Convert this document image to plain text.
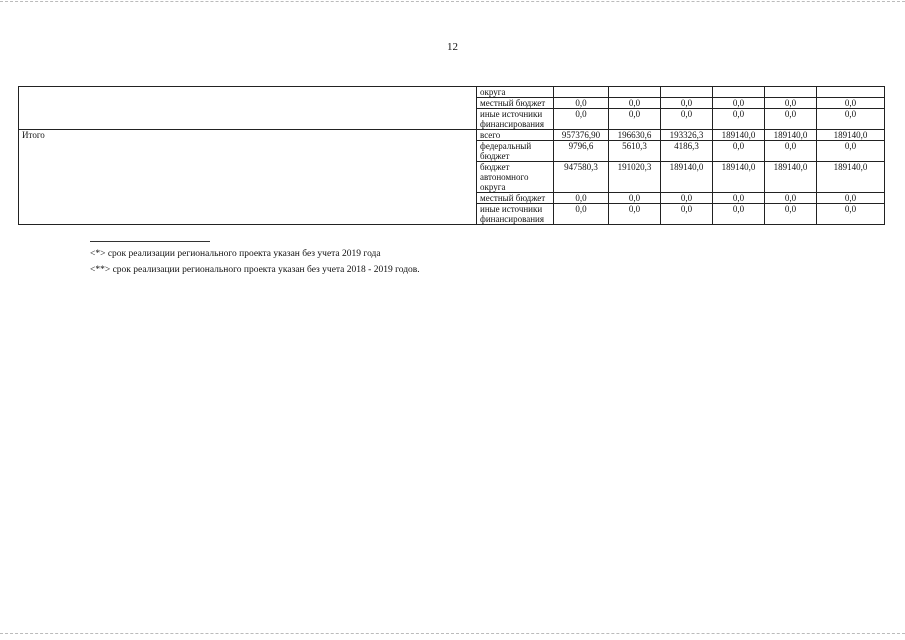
12
	округа						
	местный бюджет	0,0	0,0	0,0	0,0	0,0	0,0
	иные источники финансирования	0,0	0,0	0,0	0,0	0,0	0,0
Итого	всего	957376,90	196630,6	193326,3	189140,0	189140,0	189140,0
	федеральный бюджет	9796,6	5610,3	4186,3	0,0	0,0	0,0
	бюджет автономного округа	947580,3	191020,3	189140,0	189140,0	189140,0	189140,0
	местный бюджет	0,0	0,0	0,0	0,0	0,0	0,0
	иные источники финансирования	0,0	0,0	0,0	0,0	0,0	0,0
<*> срок реализации регионального проекта указан без учета 2019 года
<**> срок реализации регионального проекта указан без учета 2018 - 2019 годов.
